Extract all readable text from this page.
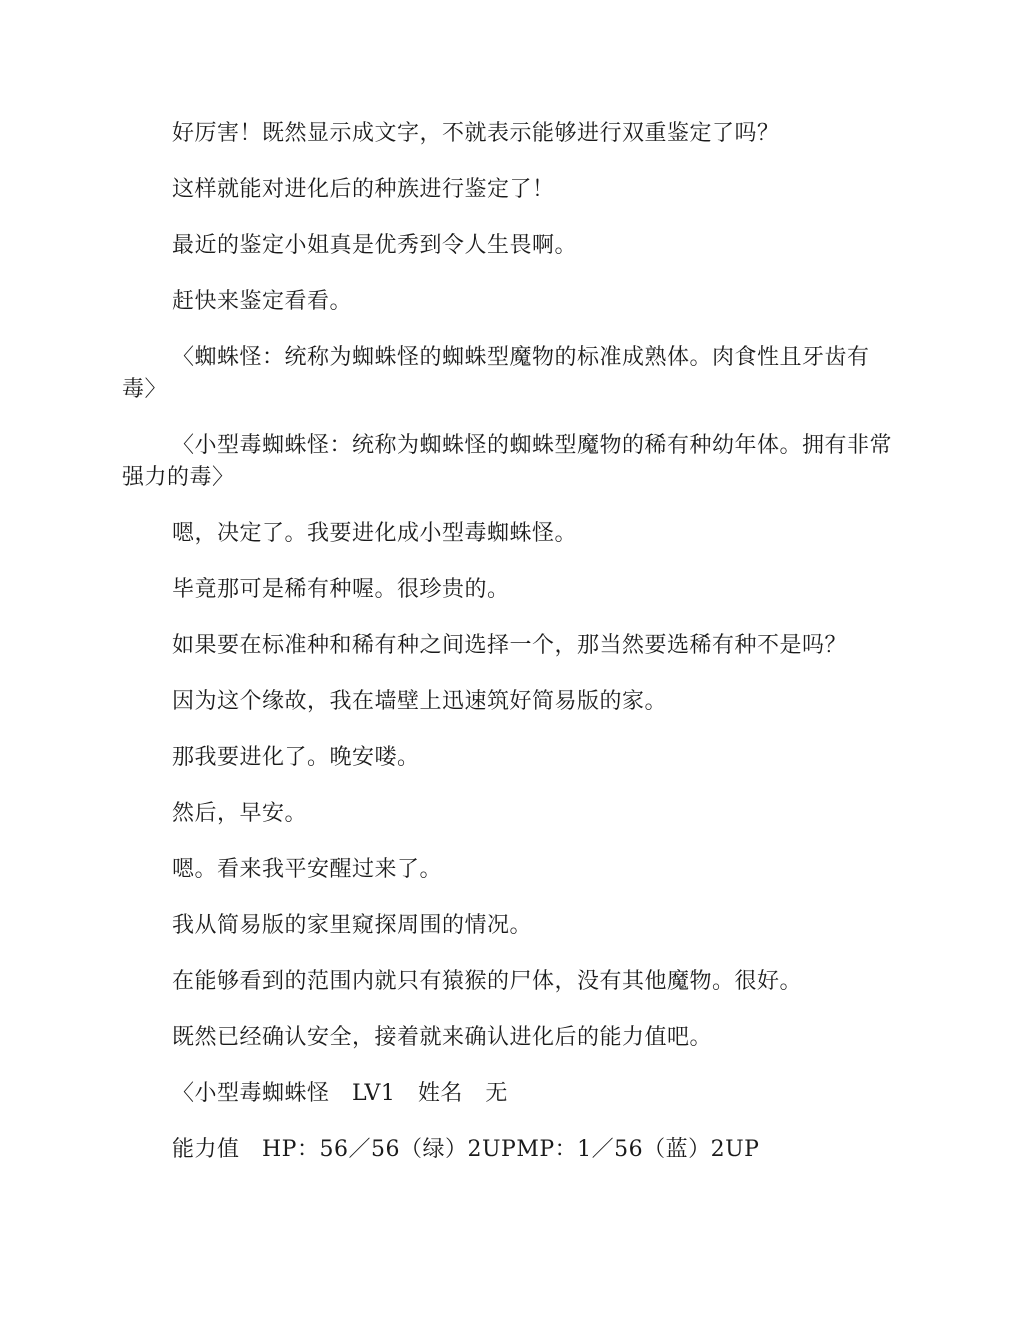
好厉害！既然显示成文字，不就表示能够进行双重鉴定了吗？

这样就能对进化后的种族进行鉴定了！

最近的鉴定小姐真是优秀到令人生畏啊。

赶快来鉴定看看。

〈蜘蛛怪：统称为蜘蛛怪的蜘蛛型魔物的标准成熟体。肉食性且牙齿有毒〉

〈小型毒蜘蛛怪：统称为蜘蛛怪的蜘蛛型魔物的稀有种幼年体。拥有非常强力的毒〉

嗯，决定了。我要进化成小型毒蜘蛛怪。

毕竟那可是稀有种喔。很珍贵的。

如果要在标准种和稀有种之间选择一个，那当然要选稀有种不是吗？

因为这个缘故，我在墙壁上迅速筑好简易版的家。

那我要进化了。晚安喽。

然后，早安。

嗯。看来我平安醒过来了。

我从简易版的家里窥探周围的情况。

在能够看到的范围内就只有猿猴的尸体，没有其他魔物。很好。

既然已经确认安全，接着就来确认进化后的能力值吧。

〈小型毒蜘蛛怪　LV1　姓名　无

能力值　HP：56／56（绿）2UPMP：1／56（蓝）2UP
